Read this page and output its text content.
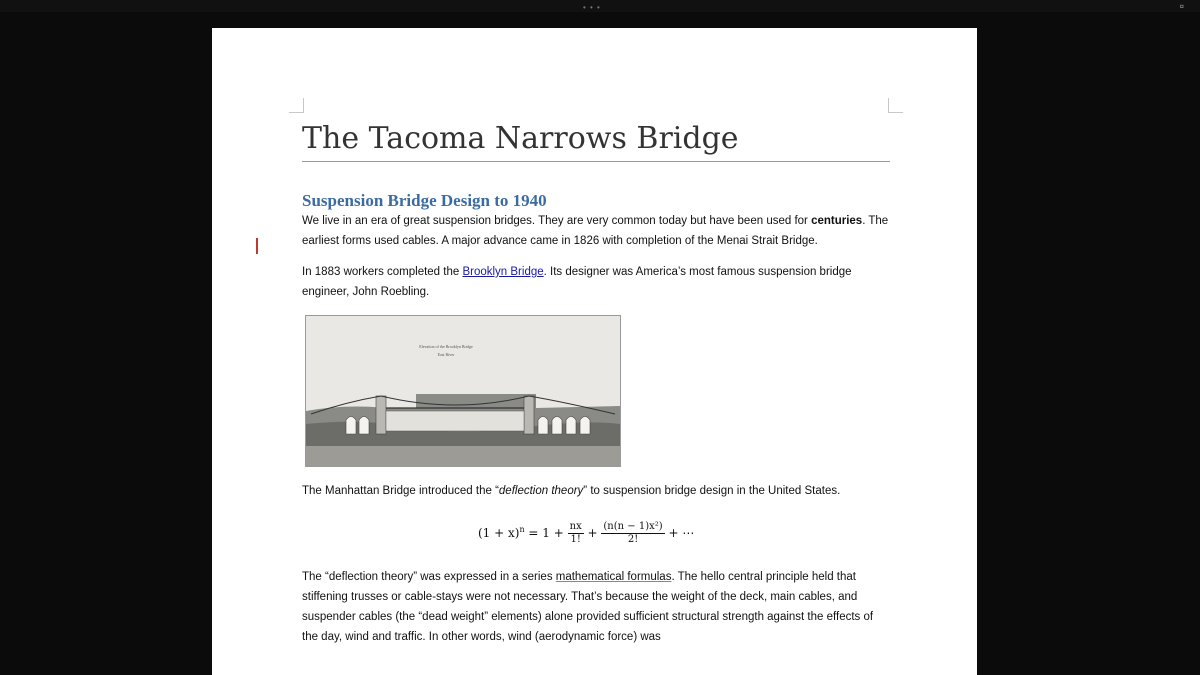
• • •	▫
The Tacoma Narrows Bridge
Suspension Bridge Design to 1940

We live in an era of great suspension bridges. They are very common today but have been used for centuries. The earliest forms used cables. A major advance came in 1826 with completion of the Menai Strait Bridge.

In 1883 workers completed the Brooklyn Bridge. Its designer was America’s most famous suspension bridge engineer, John Roebling.

Elevation of the Brooklyn Bridge
East River

The Manhattan Bridge introduced the “deflection theory” to suspension bridge design in the United States.

$(1 + x)^n = 1 + \frac{nx}{1!} + \frac{\text{(n(n − 1)x²)}}{2!}$ + ⋯

The “deflection theory” was expressed in a series mathematical formulas. The hello central principle held that stiffening trusses or cable-stays were not necessary. That’s because the weight of the deck, main cables, and suspender cables (the “dead weight” elements) alone provided sufficient structural strength against the effects of the day, wind and traffic. In other words, wind (aerodynamic force) was
